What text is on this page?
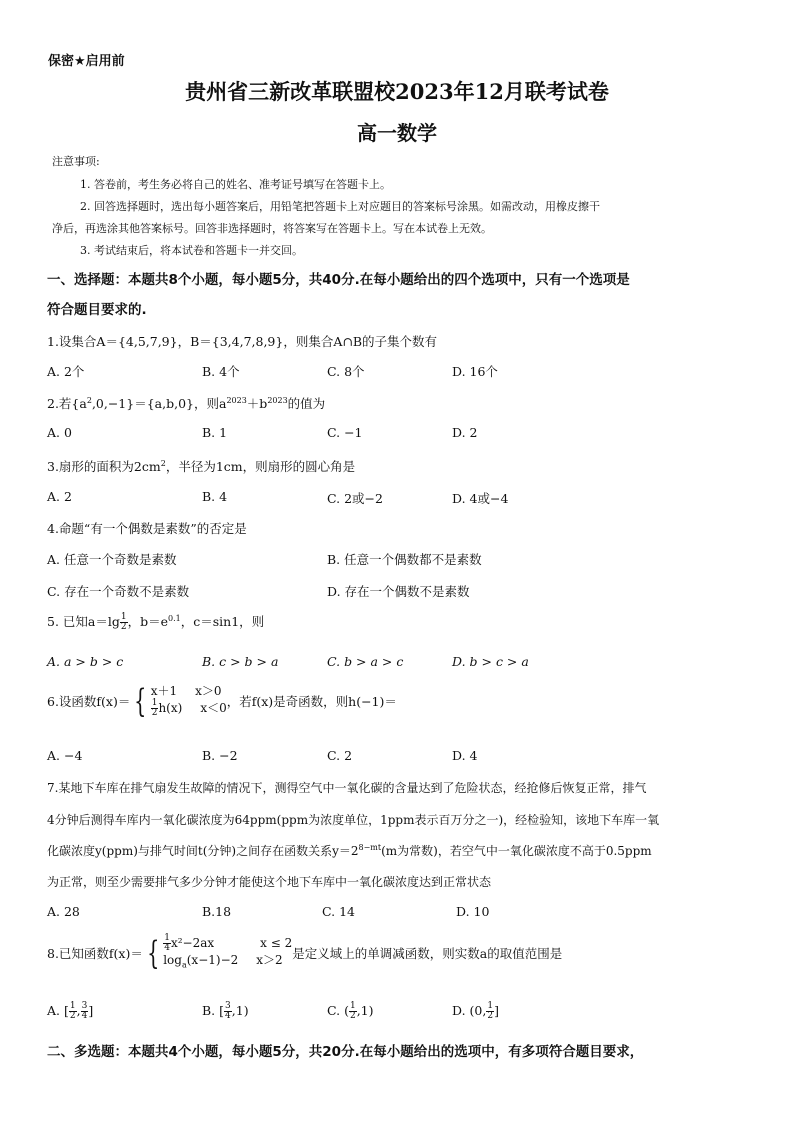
保密★启用前
贵州省三新改革联盟校2023年12月联考试卷
高一数学
注意事项:
1. 答卷前，考生务必将自己的姓名、准考证号填写在答题卡上。
2. 回答选择题时，选出每小题答案后，用铅笔把答题卡上对应题目的答案标号涂黑。如需改动，用橡皮擦干
净后，再选涂其他答案标号。回答非选择题时，将答案写在答题卡上。写在本试卷上无效。
3. 考试结束后，将本试卷和答题卡一并交回。
一、选择题：本题共8个小题，每小题5分，共40分.在每小题给出的四个选项中，只有一个选项是
符合题目要求的.
1.设集合A＝{4,5,7,9}，B＝{3,4,7,8,9}，则集合A∩B的子集个数有
A. 2个	B. 4个	C. 8个	D. 16个
2.若$\{a^2,0,-1\}=\{a,b,0\}$，则$a^{2023}+b^{2023}$的值为
A. 0	B. 1	C. −1	D. 2
3.扇形的面积为$2cm^2$，半径为1cm，则扇形的圆心角是
A. 2	B. 4	C. 2或−2	D. 4或−4
4.命题“有一个偶数是素数”的否定是
A. 任意一个奇数是素数	B. 任意一个偶数都不是素数
C. 存在一个奇数不是素数	D. 存在一个偶数不是素数
5. 已知$a=\lg \frac{1}{2}$ ，$b=e^{0.1}$，c＝sin1，则
A. a > b > c	B. c > b > a	C. b > a > c	D. b > c > a
6.设函数f(x)＝ { x＋1 x＞0
$\frac{1}{2} h(x)$ x＜0 ，若f(x)是奇函数，则h(−1)＝
A. −4	B. −2	C. 2	D. 4
7.某地下车库在排气扇发生故障的情况下，测得空气中一氧化碳的含量达到了危险状态，经抢修后恢复正常，排气
4分钟后测得车库内一氧化碳浓度为64ppm(ppm为浓度单位，1ppm表示百万分之一)，经检验知，该地下车库一氧
化碳浓度y(ppm)与排气时间t(分钟)之间存在函数关系$y=2^{8-mt}(m$为常数)，若空气中一氧化碳浓度不高于0.5ppm
为正常，则至少需要排气多少分钟才能使这个地下车库中一氧化碳浓度达到正常状态
A. 28	B.18	C. 14	D. 10
8.已知函数f(x)＝ { $\frac{1}{4} x^2-2ax$	x ≤ 2
$\log_a(x-1)-2$ x＞2 是定义域上的单调减函数，则实数a的取值范围是
A. [ $\frac{1}{2}$ , $\frac{3}{4}$ ]	B. [ $\frac{3}{4} ,1$)	C. ( $\frac{1}{2} ,1$)	D. (0, $\frac{1}{2}$ ]
二、多选题：本题共4个小题，每小题5分，共20分.在每小题给出的选项中，有多项符合题目要求，
